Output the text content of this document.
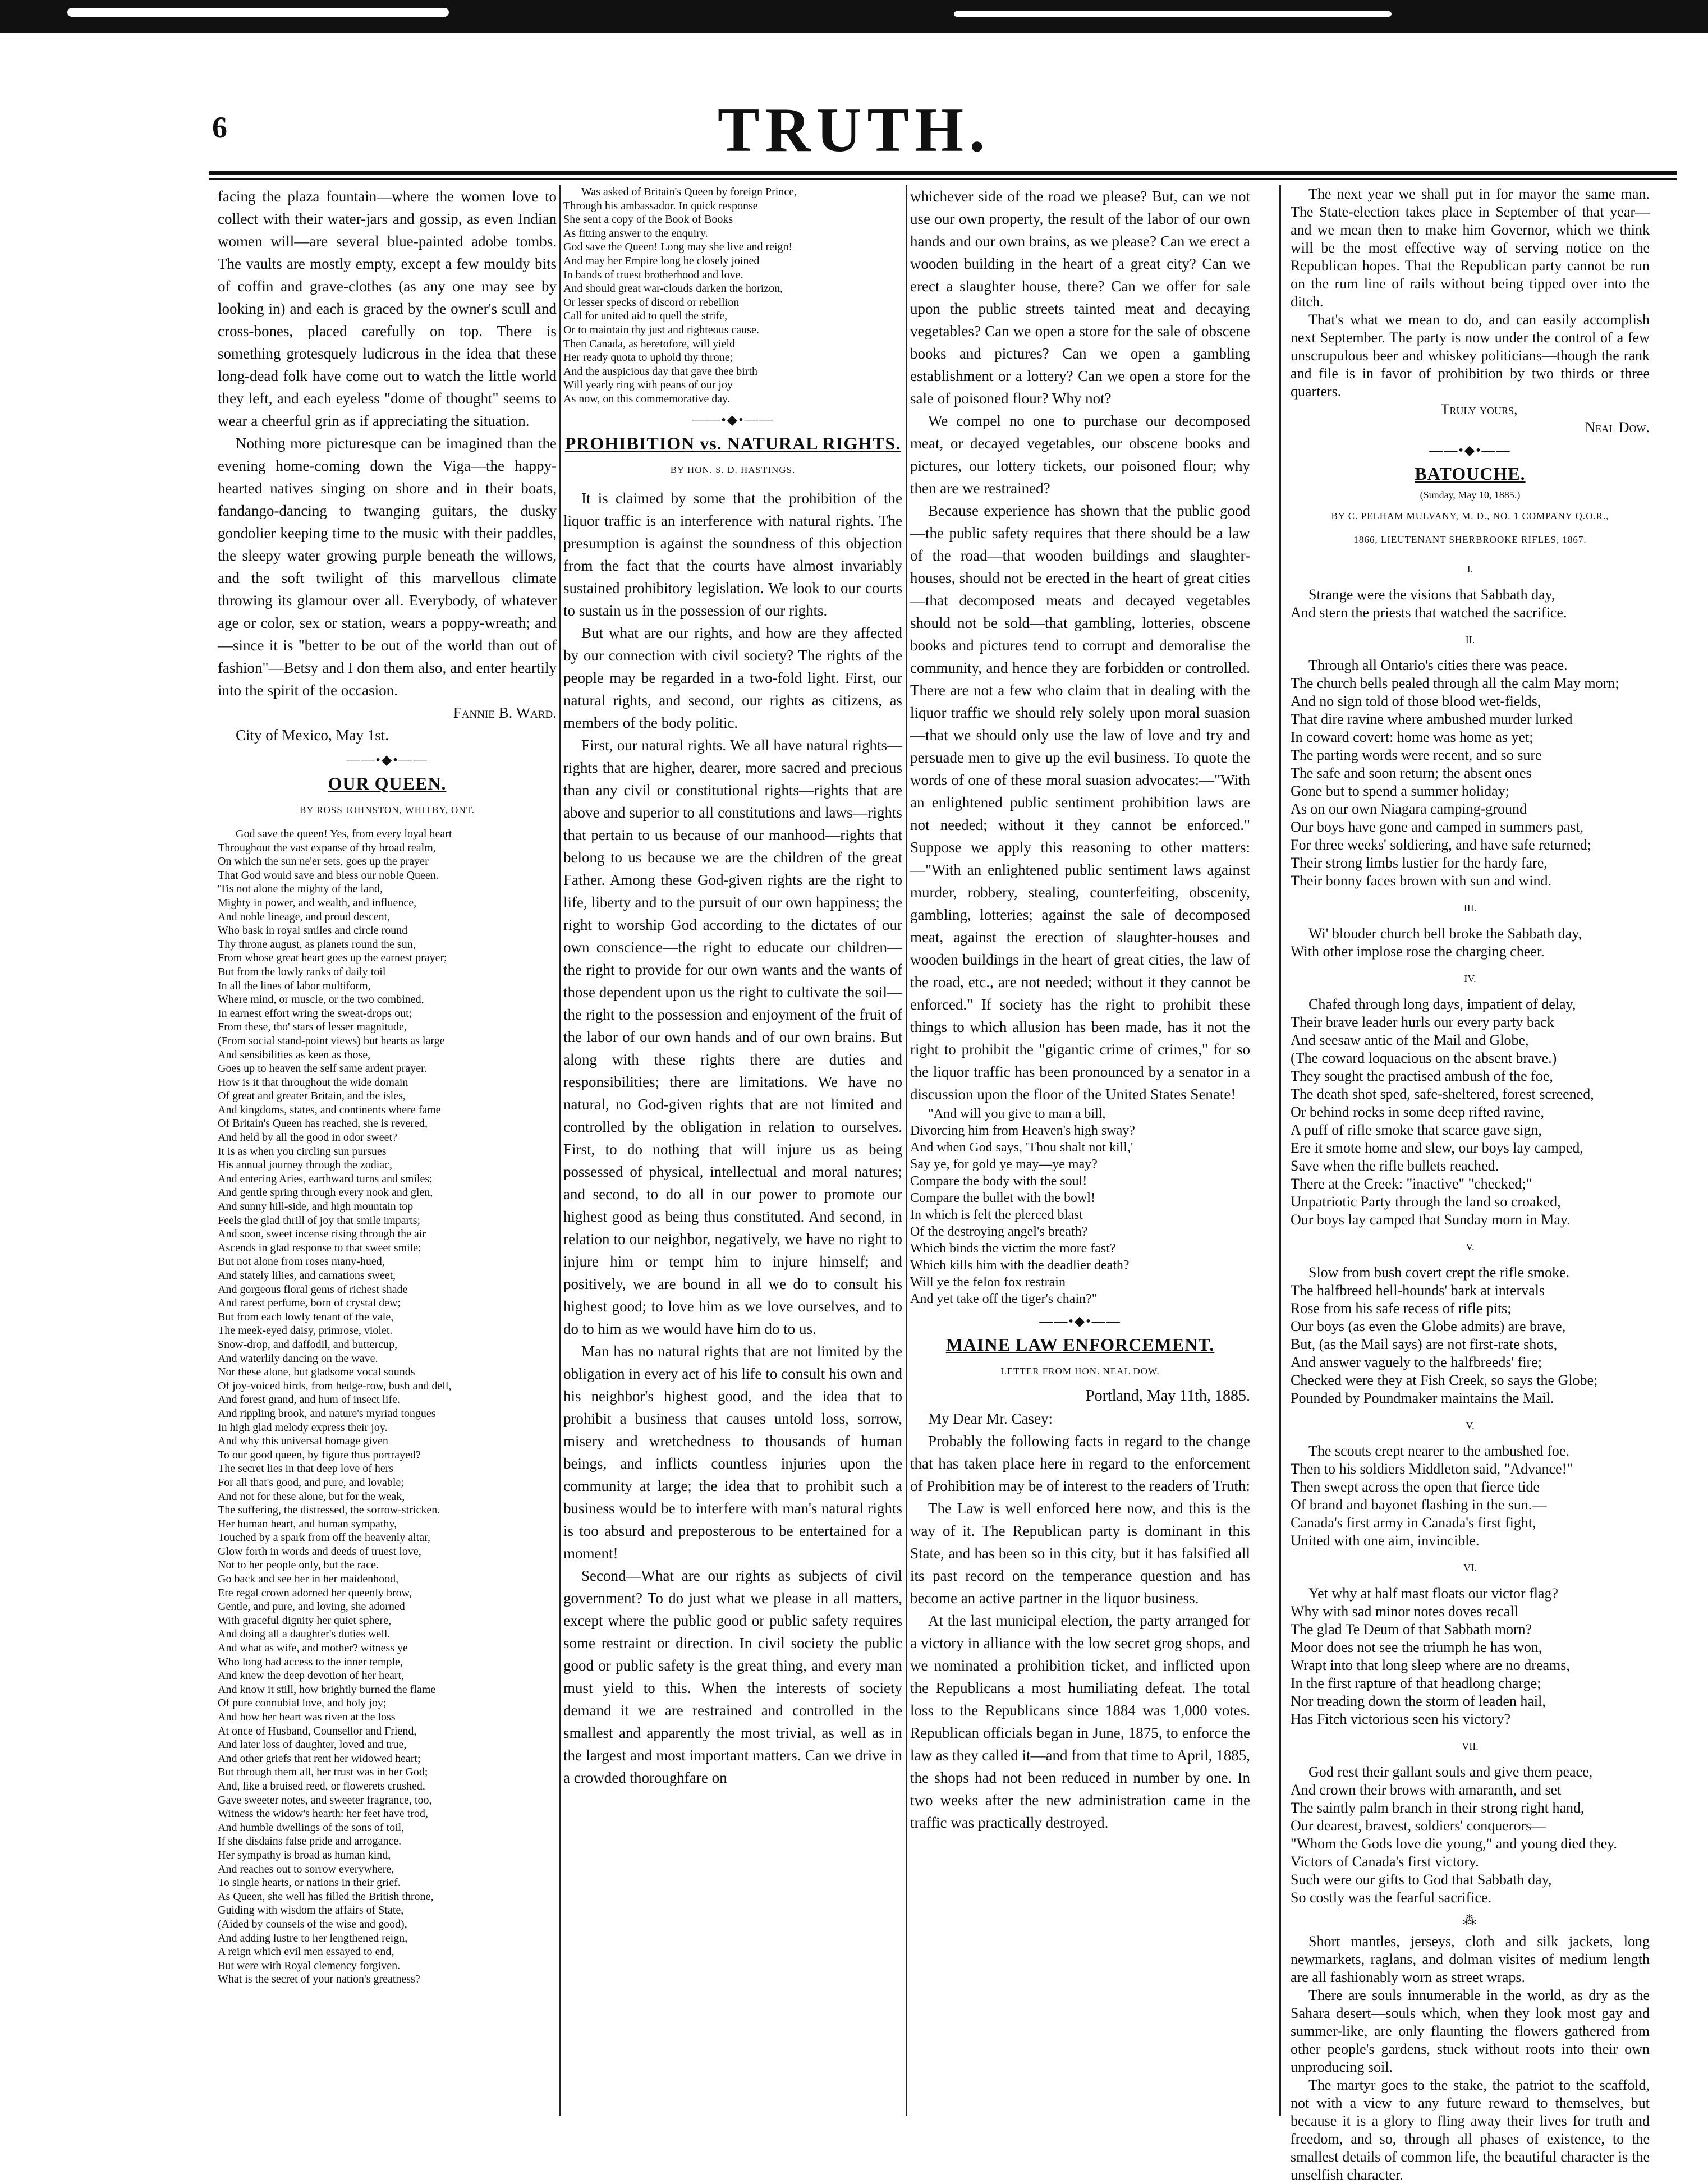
6	TRUTH.

facing the plaza fountain—where the women love to collect with their water-jars and gossip, as even Indian women will—are several blue-painted adobe tombs. The vaults are mostly empty, except a few mouldy bits of coffin and grave-clothes (as any one may see by looking in) and each is graced by the owner's scull and cross-bones, placed carefully on top. There is something grotesquely ludicrous in the idea that these long-dead folk have come out to watch the little world they left, and each eyeless "dome of thought" seems to wear a cheerful grin as if appreciating the situation.

Nothing more picturesque can be imagined than the evening home-coming down the Viga—the happy-hearted natives singing on shore and in their boats, fandango-dancing to twanging guitars, the dusky gondolier keeping time to the music with their paddles, the sleepy water growing purple beneath the willows, and the soft twilight of this marvellous climate throwing its glamour over all. Everybody, of whatever age or color, sex or station, wears a poppy-wreath; and—since it is "better to be out of the world than out of fashion"—Betsy and I don them also, and enter heartily into the spirit of the occasion.

Fannie B. Ward.

City of Mexico, May 1st.

——•◆•——
OUR QUEEN.
BY ROSS JOHNSTON, WHITBY, ONT.

God save the queen! Yes, from every loyal heart
Throughout the vast expanse of thy broad realm,
On which the sun ne'er sets, goes up the prayer
That God would save and bless our noble Queen.
'Tis not alone the mighty of the land,
Mighty in power, and wealth, and influence,
And noble lineage, and proud descent,
Who bask in royal smiles and circle round
Thy throne august, as planets round the sun,
From whose great heart goes up the earnest prayer;
But from the lowly ranks of daily toil
In all the lines of labor multiform,
Where mind, or muscle, or the two combined,
In earnest effort wring the sweat-drops out;
From these, tho' stars of lesser magnitude,
(From social stand-point views) but hearts as large
And sensibilities as keen as those,
Goes up to heaven the self same ardent prayer.
How is it that throughout the wide domain
Of great and greater Britain, and the isles,
And kingdoms, states, and continents where fame
Of Britain's Queen has reached, she is revered,
And held by all the good in odor sweet?
It is as when you circling sun pursues
His annual journey through the zodiac,
And entering Aries, earthward turns and smiles;
And gentle spring through every nook and glen,
And sunny hill-side, and high mountain top
Feels the glad thrill of joy that smile imparts;
And soon, sweet incense rising through the air
Ascends in glad response to that sweet smile;
But not alone from roses many-hued,
And stately lilies, and carnations sweet,
And gorgeous floral gems of richest shade
And rarest perfume, born of crystal dew;
But from each lowly tenant of the vale,
The meek-eyed daisy, primrose, violet.
Snow-drop, and daffodil, and buttercup,
And waterlily dancing on the wave.
Nor these alone, but gladsome vocal sounds
Of joy-voiced birds, from hedge-row, bush and dell,
And forest grand, and hum of insect life.
And rippling brook, and nature's myriad tongues
In high glad melody express their joy.
And why this universal homage given
To our good queen, by figure thus portrayed?
The secret lies in that deep love of hers
For all that's good, and pure, and lovable;
And not for these alone, but for the weak,
The suffering, the distressed, the sorrow-stricken.
Her human heart, and human sympathy,
Touched by a spark from off the heavenly altar,
Glow forth in words and deeds of truest love,
Not to her people only, but the race.
Go back and see her in her maidenhood,
Ere regal crown adorned her queenly brow,
Gentle, and pure, and loving, she adorned
With graceful dignity her quiet sphere,
And doing all a daughter's duties well.
And what as wife, and mother? witness ye
Who long had access to the inner temple,
And knew the deep devotion of her heart,
And know it still, how brightly burned the flame
Of pure connubial love, and holy joy;
And how her heart was riven at the loss
At once of Husband, Counsellor and Friend,
And later loss of daughter, loved and true,
And other griefs that rent her widowed heart;
But through them all, her trust was in her God;
And, like a bruised reed, or flowerets crushed,
Gave sweeter notes, and sweeter fragrance, too,
Witness the widow's hearth: her feet have trod,
And humble dwellings of the sons of toil,
If she disdains false pride and arrogance.
Her sympathy is broad as human kind,
And reaches out to sorrow everywhere,
To single hearts, or nations in their grief.
As Queen, she well has filled the British throne,
Guiding with wisdom the affairs of State,
(Aided by counsels of the wise and good),
And adding lustre to her lengthened reign,
A reign which evil men essayed to end,
But were with Royal clemency forgiven.
What is the secret of your nation's greatness?

Was asked of Britain's Queen by foreign Prince,
Through his ambassador. In quick response
She sent a copy of the Book of Books
As fitting answer to the enquiry.
God save the Queen! Long may she live and reign!
And may her Empire long be closely joined
In bands of truest brotherhood and love.
And should great war-clouds darken the horizon,
Or lesser specks of discord or rebellion
Call for united aid to quell the strife,
Or to maintain thy just and righteous cause.
Then Canada, as heretofore, will yield
Her ready quota to uphold thy throne;
And the auspicious day that gave thee birth
Will yearly ring with peans of our joy
As now, on this commemorative day.

——•◆•——
PROHIBITION vs. NATURAL RIGHTS.
BY HON. S. D. HASTINGS.

It is claimed by some that the prohibition of the liquor traffic is an interference with natural rights. The presumption is against the soundness of this objection from the fact that the courts have almost invariably sustained prohibitory legislation. We look to our courts to sustain us in the possession of our rights.

But what are our rights, and how are they affected by our connection with civil society? The rights of the people may be regarded in a two-fold light. First, our natural rights, and second, our rights as citizens, as members of the body politic.

First, our natural rights. We all have natural rights—rights that are higher, dearer, more sacred and precious than any civil or constitutional rights—rights that are above and superior to all constitutions and laws—rights that pertain to us because of our manhood—rights that belong to us because we are the children of the great Father. Among these God-given rights are the right to life, liberty and to the pursuit of our own happiness; the right to worship God according to the dictates of our own conscience—the right to educate our children—the right to provide for our own wants and the wants of those dependent upon us the right to cultivate the soil—the right to the possession and enjoyment of the fruit of the labor of our own hands and of our own brains. But along with these rights there are duties and responsibilities; there are limitations. We have no natural, no God-given rights that are not limited and controlled by the obligation in relation to ourselves. First, to do nothing that will injure us as being possessed of physical, intellectual and moral natures; and second, to do all in our power to promote our highest good as being thus constituted. And second, in relation to our neighbor, negatively, we have no right to injure him or tempt him to injure himself; and positively, we are bound in all we do to consult his highest good; to love him as we love ourselves, and to do to him as we would have him do to us.

Man has no natural rights that are not limited by the obligation in every act of his life to consult his own and his neighbor's highest good, and the idea that to prohibit a business that causes untold loss, sorrow, misery and wretchedness to thousands of human beings, and inflicts countless injuries upon the community at large; the idea that to prohibit such a business would be to interfere with man's natural rights is too absurd and preposterous to be entertained for a moment!

Second—What are our rights as subjects of civil government? To do just what we please in all matters, except where the public good or public safety requires some restraint or direction. In civil society the public good or public safety is the great thing, and every man must yield to this. When the interests of society demand it we are restrained and controlled in the smallest and apparently the most trivial, as well as in the largest and most important matters. Can we drive in a crowded thoroughfare on

whichever side of the road we please? But, can we not use our own property, the result of the labor of our own hands and our own brains, as we please? Can we erect a wooden building in the heart of a great city? Can we erect a slaughter house, there? Can we offer for sale upon the public streets tainted meat and decaying vegetables? Can we open a store for the sale of obscene books and pictures? Can we open a gambling establishment or a lottery? Can we open a store for the sale of poisoned flour? Why not?

We compel no one to purchase our decomposed meat, or decayed vegetables, our obscene books and pictures, our lottery tickets, our poisoned flour; why then are we restrained?

Because experience has shown that the public good—the public safety requires that there should be a law of the road—that wooden buildings and slaughter-houses, should not be erected in the heart of great cities—that decomposed meats and decayed vegetables should not be sold—that gambling, lotteries, obscene books and pictures tend to corrupt and demoralise the community, and hence they are forbidden or controlled. There are not a few who claim that in dealing with the liquor traffic we should rely solely upon moral suasion—that we should only use the law of love and try and persuade men to give up the evil business. To quote the words of one of these moral suasion advocates:—"With an enlightened public sentiment prohibition laws are not needed; without it they cannot be enforced." Suppose we apply this reasoning to other matters:—"With an enlightened public sentiment laws against murder, robbery, stealing, counterfeiting, obscenity, gambling, lotteries; against the sale of decomposed meat, against the erection of slaughter-houses and wooden buildings in the heart of great cities, the law of the road, etc., are not needed; without it they cannot be enforced." If society has the right to prohibit these things to which allusion has been made, has it not the right to prohibit the "gigantic crime of crimes," for so the liquor traffic has been pronounced by a senator in a discussion upon the floor of the United States Senate!

"And will you give to man a bill,
Divorcing him from Heaven's high sway?
And when God says, 'Thou shalt not kill,'
Say ye, for gold ye may—ye may?
Compare the body with the soul!
Compare the bullet with the bowl!
In which is felt the plerced blast
Of the destroying angel's breath?
Which binds the victim the more fast?
Which kills him with the deadlier death?
Will ye the felon fox restrain
And yet take off the tiger's chain?"

——•◆•——
MAINE LAW ENFORCEMENT.
LETTER FROM HON. NEAL DOW.

Portland, May 11th, 1885.

My Dear Mr. Casey:

Probably the following facts in regard to the change that has taken place here in regard to the enforcement of Prohibition may be of interest to the readers of Truth:

The Law is well enforced here now, and this is the way of it. The Republican party is dominant in this State, and has been so in this city, but it has falsified all its past record on the temperance question and has become an active partner in the liquor business.

At the last municipal election, the party arranged for a victory in alliance with the low secret grog shops, and we nominated a prohibition ticket, and inflicted upon the Republicans a most humiliating defeat. The total loss to the Republicans since 1884 was 1,000 votes. Republican officials began in June, 1875, to enforce the law as they called it—and from that time to April, 1885, the shops had not been reduced in number by one. In two weeks after the new administration came in the traffic was practically destroyed.

The next year we shall put in for mayor the same man. The State-election takes place in September of that year—and we mean then to make him Governor, which we think will be the most effective way of serving notice on the Republican hopes. That the Republican party cannot be run on the rum line of rails without being tipped over into the ditch.

That's what we mean to do, and can easily accomplish next September. The party is now under the control of a few unscrupulous beer and whiskey politicians—though the rank and file is in favor of prohibition by two thirds or three quarters.

Truly yours,

Neal Dow.

——•◆•——
BATOUCHE.
(Sunday, May 10, 1885.)
BY C. PELHAM MULVANY, M. D., NO. 1 COMPANY Q.O.R.,
1866, LIEUTENANT SHERBROOKE RIFLES, 1867.
I.

Strange were the visions that Sabbath day,
And stern the priests that watched the sacrifice.

II.

Through all Ontario's cities there was peace.
The church bells pealed through all the calm May morn;
And no sign told of those blood wet-fields,
That dire ravine where ambushed murder lurked
In coward covert: home was home as yet;
The parting words were recent, and so sure
The safe and soon return; the absent ones
Gone but to spend a summer holiday;
As on our own Niagara camping-ground
Our boys have gone and camped in summers past,
For three weeks' soldiering, and have safe returned;
Their strong limbs lustier for the hardy fare,
Their bonny faces brown with sun and wind.

III.

Wi' blouder church bell broke the Sabbath day,
With other implose rose the charging cheer.

IV.

Chafed through long days, impatient of delay,
Their brave leader hurls our every party back
And seesaw antic of the Mail and Globe,
(The coward loquacious on the absent brave.)
They sought the practised ambush of the foe,
The death shot sped, safe-sheltered, forest screened,
Or behind rocks in some deep rifted ravine,
A puff of rifle smoke that scarce gave sign,
Ere it smote home and slew, our boys lay camped,
Save when the rifle bullets reached.
There at the Creek: "inactive" "checked;"
Unpatriotic Party through the land so croaked,
Our boys lay camped that Sunday morn in May.

V.

Slow from bush covert crept the rifle smoke.
The halfbreed hell-hounds' bark at intervals
Rose from his safe recess of rifle pits;
Our boys (as even the Globe admits) are brave,
But, (as the Mail says) are not first-rate shots,
And answer vaguely to the halfbreeds' fire;
Checked were they at Fish Creek, so says the Globe;
Pounded by Poundmaker maintains the Mail.

V.

The scouts crept nearer to the ambushed foe.
Then to his soldiers Middleton said, "Advance!"
Then swept across the open that fierce tide
Of brand and bayonet flashing in the sun.—
Canada's first army in Canada's first fight,
United with one aim, invincible.

VI.

Yet why at half mast floats our victor flag?
Why with sad minor notes doves recall
The glad Te Deum of that Sabbath morn?
Moor does not see the triumph he has won,
Wrapt into that long sleep where are no dreams,
In the first rapture of that headlong charge;
Nor treading down the storm of leaden hail,
Has Fitch victorious seen his victory?

VII.

God rest their gallant souls and give them peace,
And crown their brows with amaranth, and set
The saintly palm branch in their strong right hand,
Our dearest, bravest, soldiers' conquerors—
"Whom the Gods love die young," and young died they.
Victors of Canada's first victory.
Such were our gifts to God that Sabbath day,
So costly was the fearful sacrifice.

⁂

Short mantles, jerseys, cloth and silk jackets, long newmarkets, raglans, and dolman visites of medium length are all fashionably worn as street wraps.

There are souls innumerable in the world, as dry as the Sahara desert—souls which, when they look most gay and summer-like, are only flaunting the flowers gathered from other people's gardens, stuck without roots into their own unproducing soil.

The martyr goes to the stake, the patriot to the scaffold, not with a view to any future reward to themselves, but because it is a glory to fling away their lives for truth and freedom, and so, through all phases of existence, to the smallest details of common life, the beautiful character is the unselfish character.
